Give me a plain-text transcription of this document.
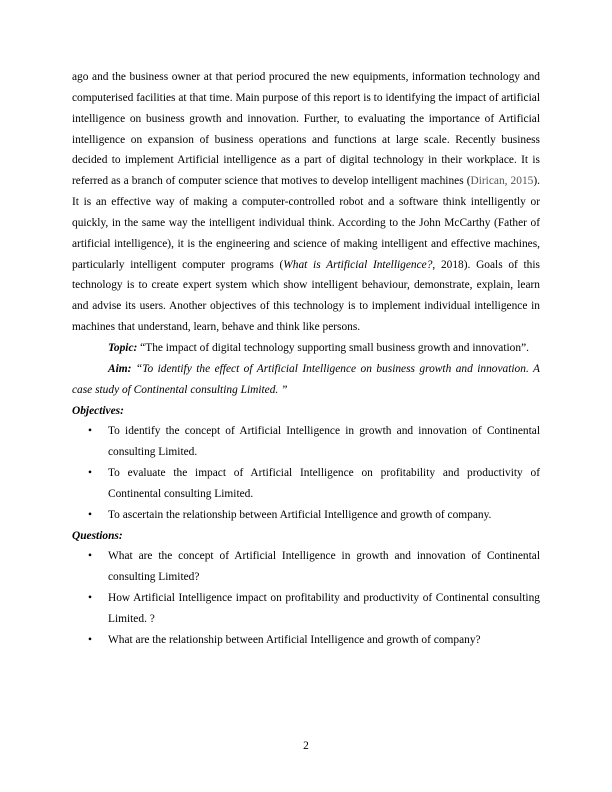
ago and the business owner at that period procured the new equipments, information technology and computerised facilities at that time. Main purpose of this report is to identifying the impact of artificial intelligence on business growth and innovation. Further, to evaluating the importance of Artificial intelligence on expansion of business operations and functions at large scale. Recently business decided to implement Artificial intelligence as a part of digital technology in their workplace. It is referred as a branch of computer science that motives to develop intelligent machines (Dirican, 2015). It is an effective way of making a computer-controlled robot and a software think intelligently or quickly, in the same way the intelligent individual think. According to the John McCarthy (Father of artificial intelligence), it is the engineering and science of making intelligent and effective machines, particularly intelligent computer programs (What is Artificial Intelligence?, 2018). Goals of this technology is to create expert system which show intelligent behaviour, demonstrate, explain, learn and advise its users. Another objectives of this technology is to implement individual intelligence in machines that understand, learn, behave and think like persons.

Topic: “The impact of digital technology supporting small business growth and innovation”.

Aim: “To identify the effect of Artificial Intelligence on business growth and innovation. A case study of Continental consulting Limited. ”

Objectives:

• To identify the concept of Artificial Intelligence in growth and innovation of Continental consulting Limited.
• To evaluate the impact of Artificial Intelligence on profitability and productivity of Continental consulting Limited.
• To ascertain the relationship between Artificial Intelligence and growth of company.

Questions:

• What are the concept of Artificial Intelligence in growth and innovation of Continental consulting Limited?
• How Artificial Intelligence impact on profitability and productivity of Continental consulting Limited. ?
• What are the relationship between Artificial Intelligence and growth of company?
2
